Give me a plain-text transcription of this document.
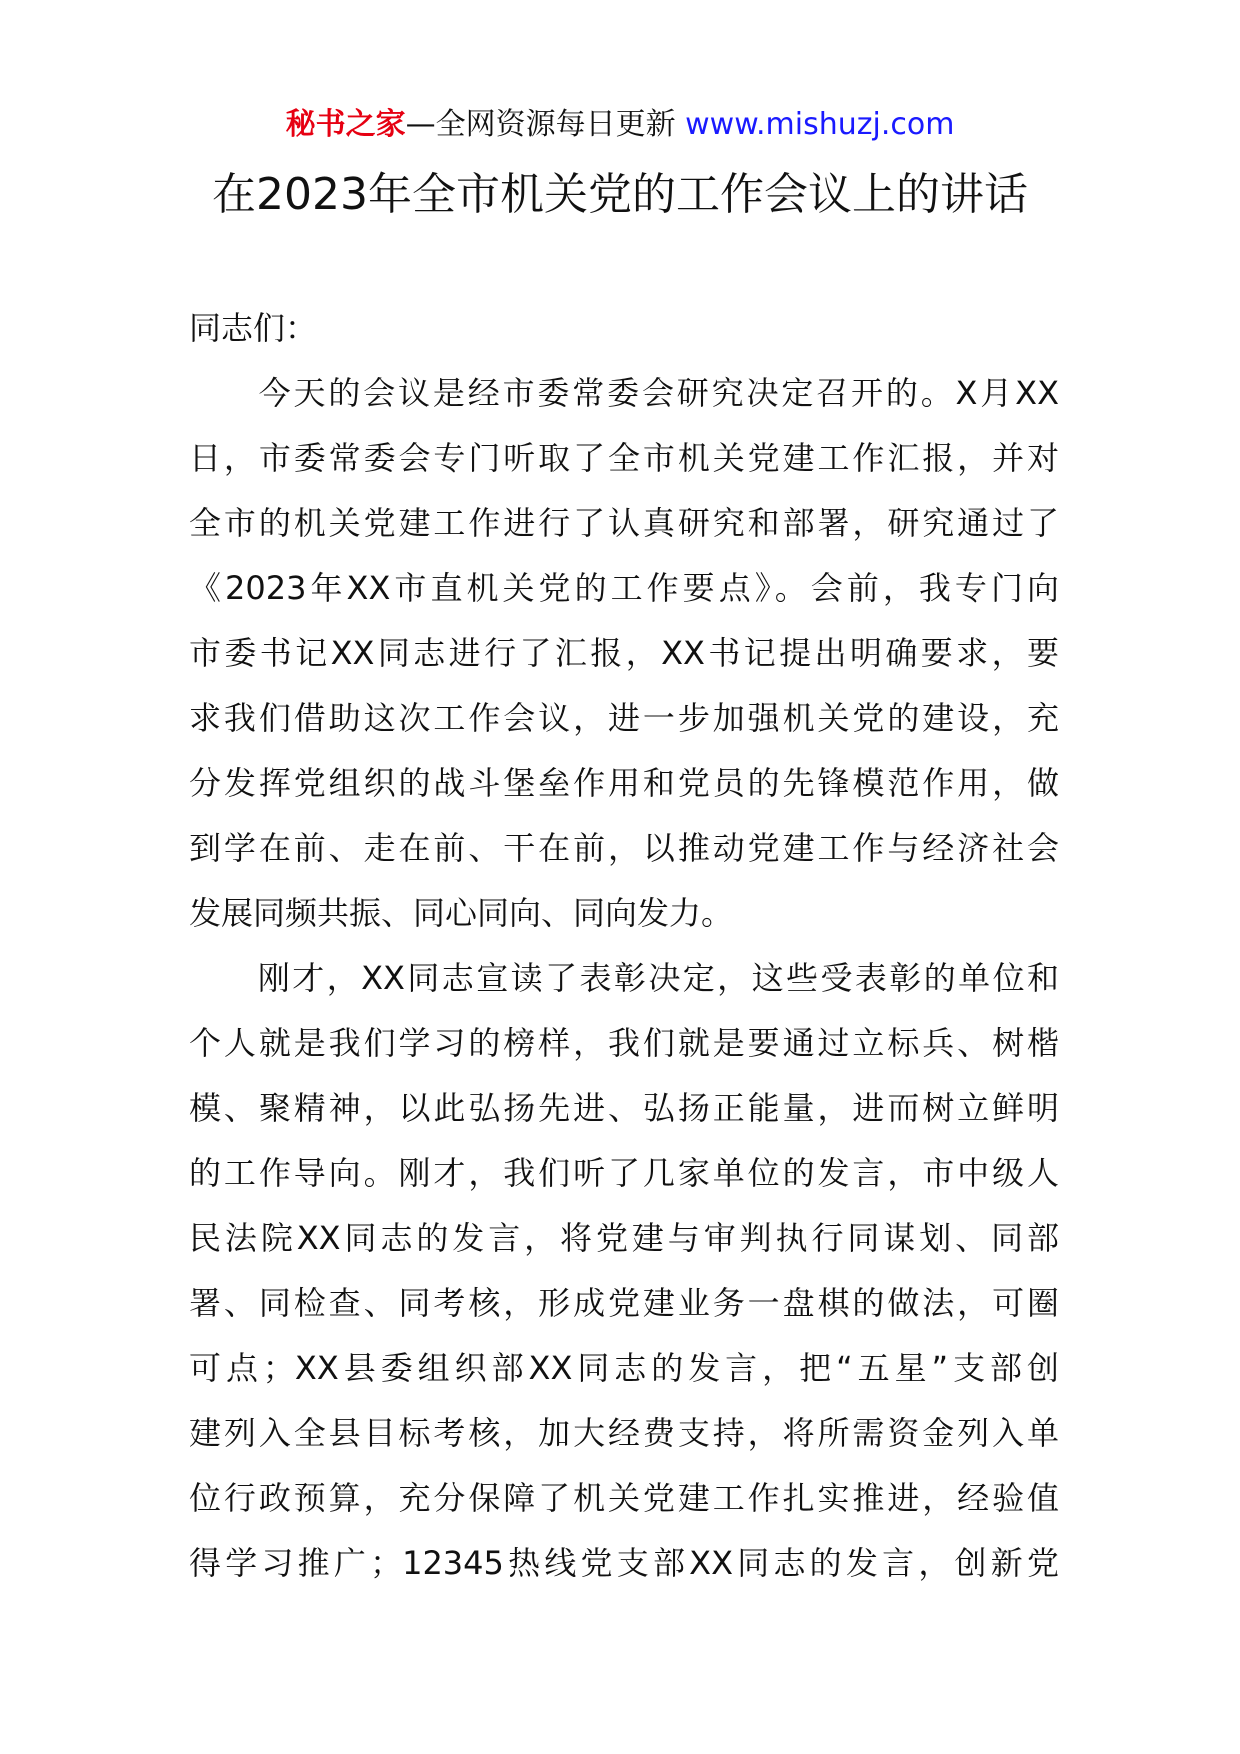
秘书之家—全网资源每日更新 www.mishuzj.com
在2023年全市机关党的工作会议上的讲话
同志们：
　　今天的会议是经市委常委会研究决定召开的。X月XX
日，市委常委会专门听取了全市机关党建工作汇报，并对
全市的机关党建工作进行了认真研究和部署，研究通过了
《2023年XX市直机关党的工作要点》。会前，我专门向
市委书记XX同志进行了汇报，XX书记提出明确要求，要
求我们借助这次工作会议，进一步加强机关党的建设，充
分发挥党组织的战斗堡垒作用和党员的先锋模范作用，做
到学在前、走在前、干在前，以推动党建工作与经济社会
发展同频共振、同心同向、同向发力。
　　刚才，XX同志宣读了表彰决定，这些受表彰的单位和
个人就是我们学习的榜样，我们就是要通过立标兵、树楷
模、聚精神，以此弘扬先进、弘扬正能量，进而树立鲜明
的工作导向。刚才，我们听了几家单位的发言，市中级人
民法院XX同志的发言，将党建与审判执行同谋划、同部
署、同检查、同考核，形成党建业务一盘棋的做法，可圈
可点；XX县委组织部XX同志的发言，把“五星”支部创
建列入全县目标考核，加大经费支持，将所需资金列入单
位行政预算，充分保障了机关党建工作扎实推进，经验值
得学习推广；12345热线党支部XX同志的发言，创新党
